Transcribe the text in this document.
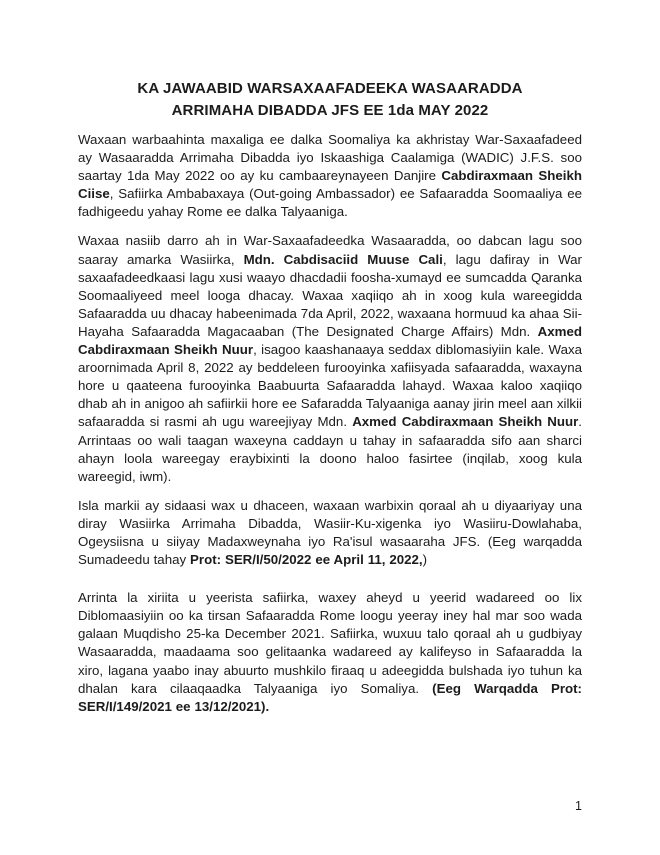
KA JAWAABID WARSAXAAFADEEKA WASAARADDA
ARRIMAHA DIBADDA JFS EE 1da MAY 2022

Waxaan warbaahinta maxaliga ee dalka Soomaliya ka akhristay War-Saxaafadeed ay Wasaaradda Arrimaha Dibadda iyo Iskaashiga Caalamiga (WADIC) J.F.S. soo saartay 1da May 2022 oo ay ku cambaareynayeen Danjire Cabdiraxmaan Sheikh Ciise, Safiirka Ambabaxaya (Out-going Ambassador) ee Safaaradda Soomaaliya ee fadhigeedu yahay Rome ee dalka Talyaaniga.

Waxaa nasiib darro ah in War-Saxaafadeedka Wasaaradda, oo dabcan lagu soo saaray amarka Wasiirka, Mdn. Cabdisaciid Muuse Cali, lagu dafiray in War saxaafadeedkaasi lagu xusi waayo dhacdadii foosha-xumayd ee sumcadda Qaranka Soomaaliyeed meel looga dhacay. Waxaa xaqiiqo ah in xoog kula wareegidda Safaaradda uu dhacay habeenimada 7da April, 2022, waxaana hormuud ka ahaa Sii-Hayaha Safaaradda Magacaaban (The Designated Charge Affairs) Mdn. Axmed Cabdiraxmaan Sheikh Nuur, isagoo kaashanaaya seddax diblomasiyiin kale. Waxa aroornimada April 8, 2022 ay beddeleen furooyinka xafiisyada safaaradda, waxayna hore u qaateena furooyinka Baabuurta Safaaradda lahayd. Waxaa kaloo xaqiiqo dhab ah in anigoo ah safiirkii hore ee Safaradda Talyaaniga aanay jirin meel aan xilkii safaaradda si rasmi ah ugu wareejiyay Mdn. Axmed Cabdiraxmaan Sheikh Nuur. Arrintaas oo wali taagan waxeyna caddayn u tahay in safaaradda sifo aan sharci ahayn loola wareegay eraybixinti la doono haloo fasirtee (inqilab, xoog kula wareegid, iwm).

Isla markii ay sidaasi wax u dhaceen, waxaan warbixin qoraal ah u diyaariyay una diray Wasiirka Arrimaha Dibadda, Wasiir-Ku-xigenka iyo Wasiiru-Dowlahaba, Ogeysiisna u siiyay Madaxweynaha iyo Ra'isul wasaaraha JFS. (Eeg warqadda Sumadeedu tahay Prot: SER/I/50/2022 ee April 11, 2022,)

Arrinta la xiriita u yeerista safiirka, waxey aheyd u yeerid wadareed oo lix Diblomaasiyiin oo ka tirsan Safaaradda Rome loogu yeeray iney hal mar soo wada galaan Muqdisho 25-ka December 2021. Safiirka, wuxuu talo qoraal ah u gudbiyay Wasaaradda, maadaama soo gelitaanka wadareed ay kalifeyso in Safaaradda la xiro, lagana yaabo inay abuurto mushkilo firaaq u adeegidda bulshada iyo tuhun ka dhalan kara cilaaqaadka Talyaaniga iyo Somaliya. (Eeg Warqadda Prot: SER/I/149/2021 ee 13/12/2021).

1
